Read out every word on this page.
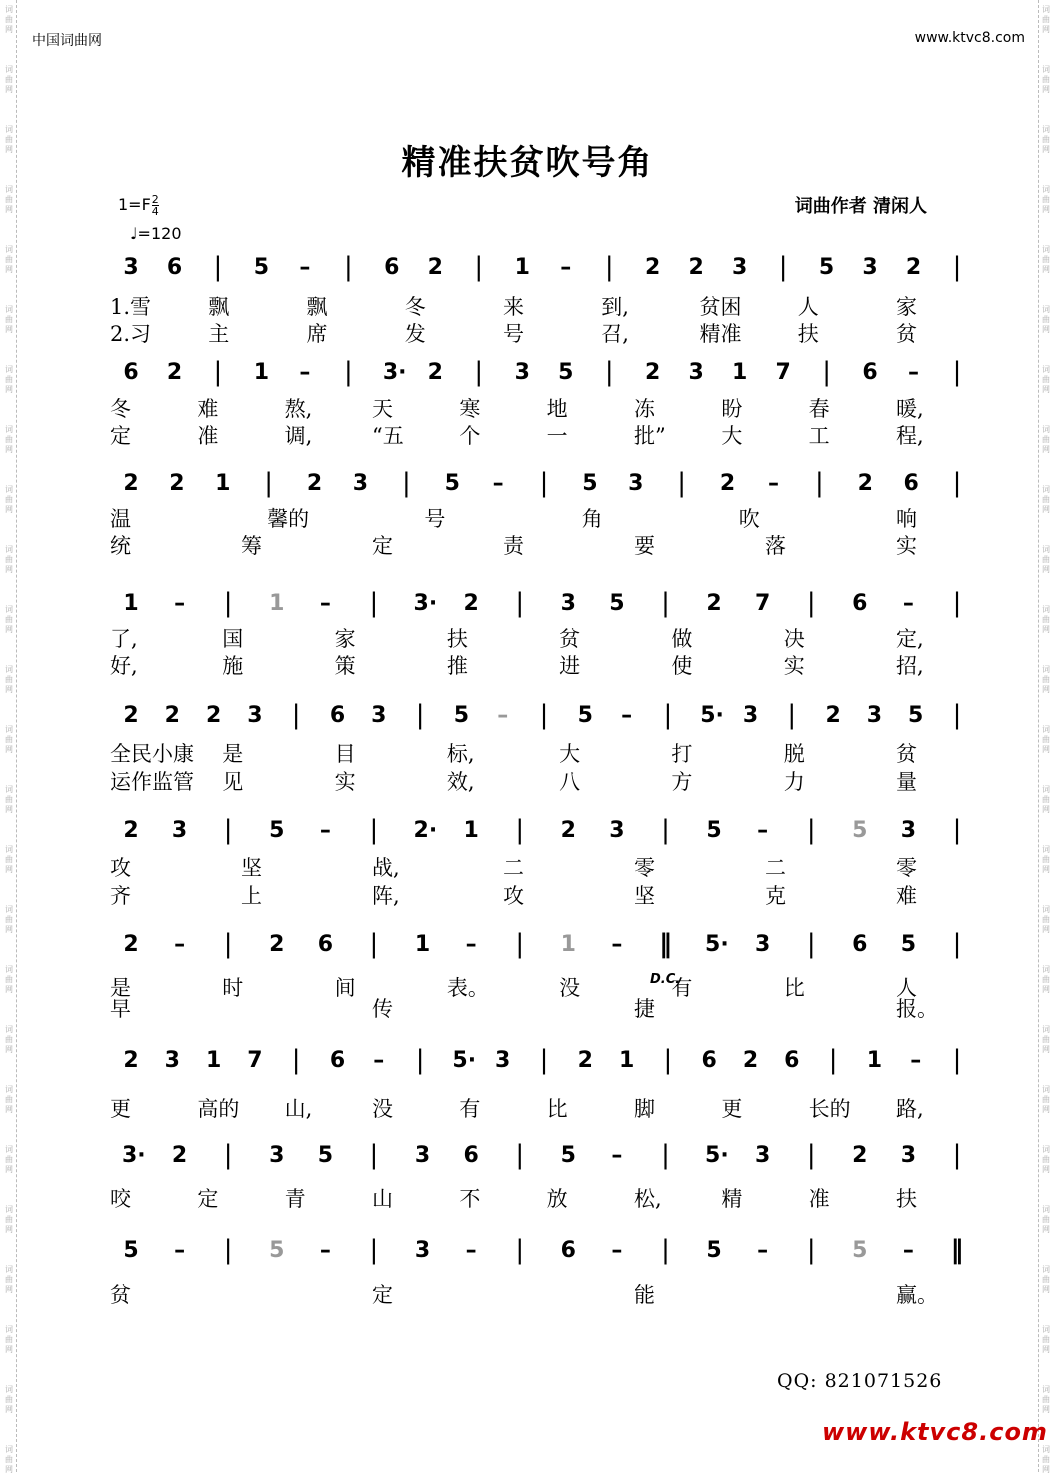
词
曲
网
词
曲
网
词
曲
网
词
曲
网
词
曲
网
词
曲
网
词
曲
网
词
曲
网
词
曲
网
词
曲
网
词
曲
网
词
曲
网
词
曲
网
词
曲
网
词
曲
网
词
曲
网
词
曲
网
词
曲
网
词
曲
网
词
曲
网
词
曲
网
词
曲
网
词
曲
网
词
曲
网
词
曲
网
词
曲
网
词
曲
网
词
曲
网
词
曲
网
词
曲
网
词
曲
网
词
曲
网
词
曲
网
词
曲
网
词
曲
网
词
曲
网
词
曲
网
词
曲
网
词
曲
网
词
曲
网
词
曲
网
词
曲
网
词
曲
网
词
曲
网
词
曲
网
词
曲
网
词
曲
网
词
曲
网
词
曲
网
词
曲
网
中国词曲网	www.ktvc8.com
精准扶贫吹号角
$1=F \frac{2}{4}$
♩=120
词曲作者 清闲人
3 6 | 5 – | 6 2 | 1 – | 2 2 3 | 5 3 2 |
1.雪	飘	飘	冬	来	到,	贫困	人	家
2.习	主	席	发	号	召,	精准	扶	贫
6 2 | 1 – | 3· 2 | 3 5 | 2 3 1 7 | 6 – |
冬	难	熬,	天	寒	地	冻	盼	春	暖,
定	准	调,	“五	个	一	批”	大	工	程,
2 2 1 | 2 3 | 5 – | 5 3 | 2 – | 2 6 |
温	馨的	号	角	吹	响
统	筹	定	责	要	落	实
1 – | 1 – | 3· 2 | 3 5 | 2 7 | 6 – |
了,	国	家	扶	贫	做	决	定,
好,	施	策	推	进	使	实	招,
2 2 2 3 | 6 3 | 5 – | 5 – | 5· 3 | 2 3 5 |
全民小康 是	目	标,	大	打	脱	贫
运作监管 见	实	效,	八	方	力	量
2 3 | 5 – | 2· 1 | 2 3 | 5 – | 5 3 |
攻	坚	战,	二	零	二	零
齐	上	阵,	攻	坚	克	难
2 – | 2 6 | 1 – | 1 – ‖ 5· 3 | 6 5 |
是	时	间	表。	没	有	比	人
早	传	捷	报。
2 3 1 7 | 6 – | 5· 3 | 2 1 | 6 2 6 | 1 – |
更	高的 山,	没	有	比	脚	更	长的 路,
3· 2 | 3 5 | 3 6 | 5 – | 5· 3 | 2 3 |
咬	定	青	山	不	放	松,	精	准	扶
5 – | 5 – | 3 – | 6 – | 5 – | 5 – ‖
贫	定	能	赢。
D.C.
QQ: 821071526
www.ktvc8.com
